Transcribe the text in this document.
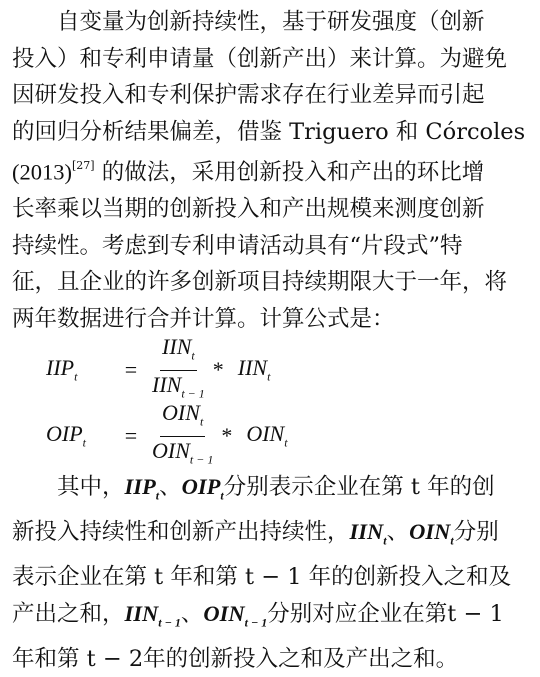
自变量为创新持续性，基于研发强度（创新

投入）和专利申请量（创新产出）来计算。为避免

因研发投入和专利保护需求存在行业差异而引起

的回归分析结果偏差，借鉴 Triguero 和 Córcoles

(2013)[27] 的做法，采用创新投入和产出的环比增

长率乘以当期的创新投入和产出规模来测度创新

持续性。考虑到专利申请活动具有“片段式”特

征，且企业的许多创新项目持续期限大于一年，将

两年数据进行合并计算。计算公式是：

$IIP_t$	= $\frac{IIN_t}{IIN_{t - 1}} * IIN_t$
$OIP_t$	= $\frac{OIN_t}{OIN_{t - 1}} * OIN_t$

其中，$IIP_t$、$OIP_t$分别表示企业在第 t 年的创

新投入持续性和创新产出持续性，$IIN_t$、$OIN_t$分别

表示企业在第 t 年和第 t − 1 年的创新投入之和及

产出之和，$IIN_{t - 1}$、$OIN_{t - 1}$分别对应企业在第t − 1

年和第 t − 2年的创新投入之和及产出之和。
